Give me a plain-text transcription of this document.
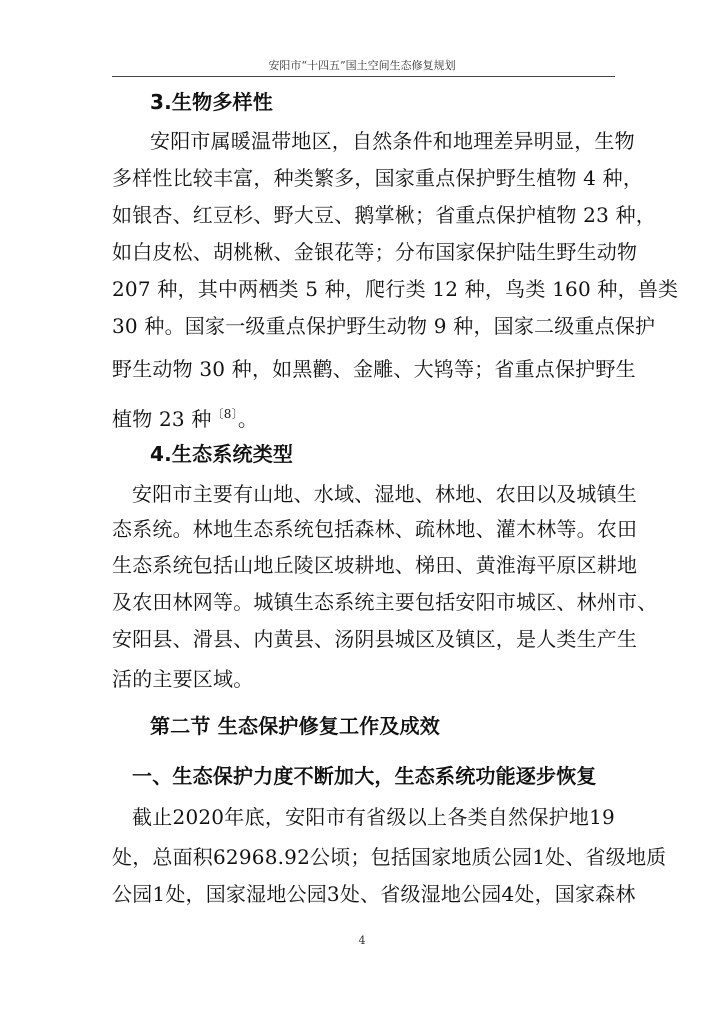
安阳市“十四五”国土空间生态修复规划
3.生物多样性
安阳市属暖温带地区，自然条件和地理差异明显，生物
多样性比较丰富，种类繁多，国家重点保护野生植物 4 种，
如银杏、红豆杉、野大豆、鹅掌楸；省重点保护植物 23 种，
如白皮松、胡桃楸、金银花等；分布国家保护陆生野生动物
207 种，其中两栖类 5 种，爬行类 12 种，鸟类 160 种，兽类
30 种。国家一级重点保护野生动物 9 种，国家二级重点保护
野生动物 30 种，如黑鹳、金雕、大鸨等；省重点保护野生
植物 23 种$^{〔8〕}$。
4.生态系统类型
安阳市主要有山地、水域、湿地、林地、农田以及城镇生
态系统。林地生态系统包括森林、疏林地、灌木林等。农田
生态系统包括山地丘陵区坡耕地、梯田、黄淮海平原区耕地
及农田林网等。城镇生态系统主要包括安阳市城区、林州市、
安阳县、滑县、内黄县、汤阴县城区及镇区，是人类生产生
活的主要区域。
第二节 生态保护修复工作及成效
一、生态保护力度不断加大，生态系统功能逐步恢复
截止2020年底，安阳市有省级以上各类自然保护地19
处，总面积62968.92公顷；包括国家地质公园1处、省级地质
公园1处，国家湿地公园3处、省级湿地公园4处，国家森林
4
